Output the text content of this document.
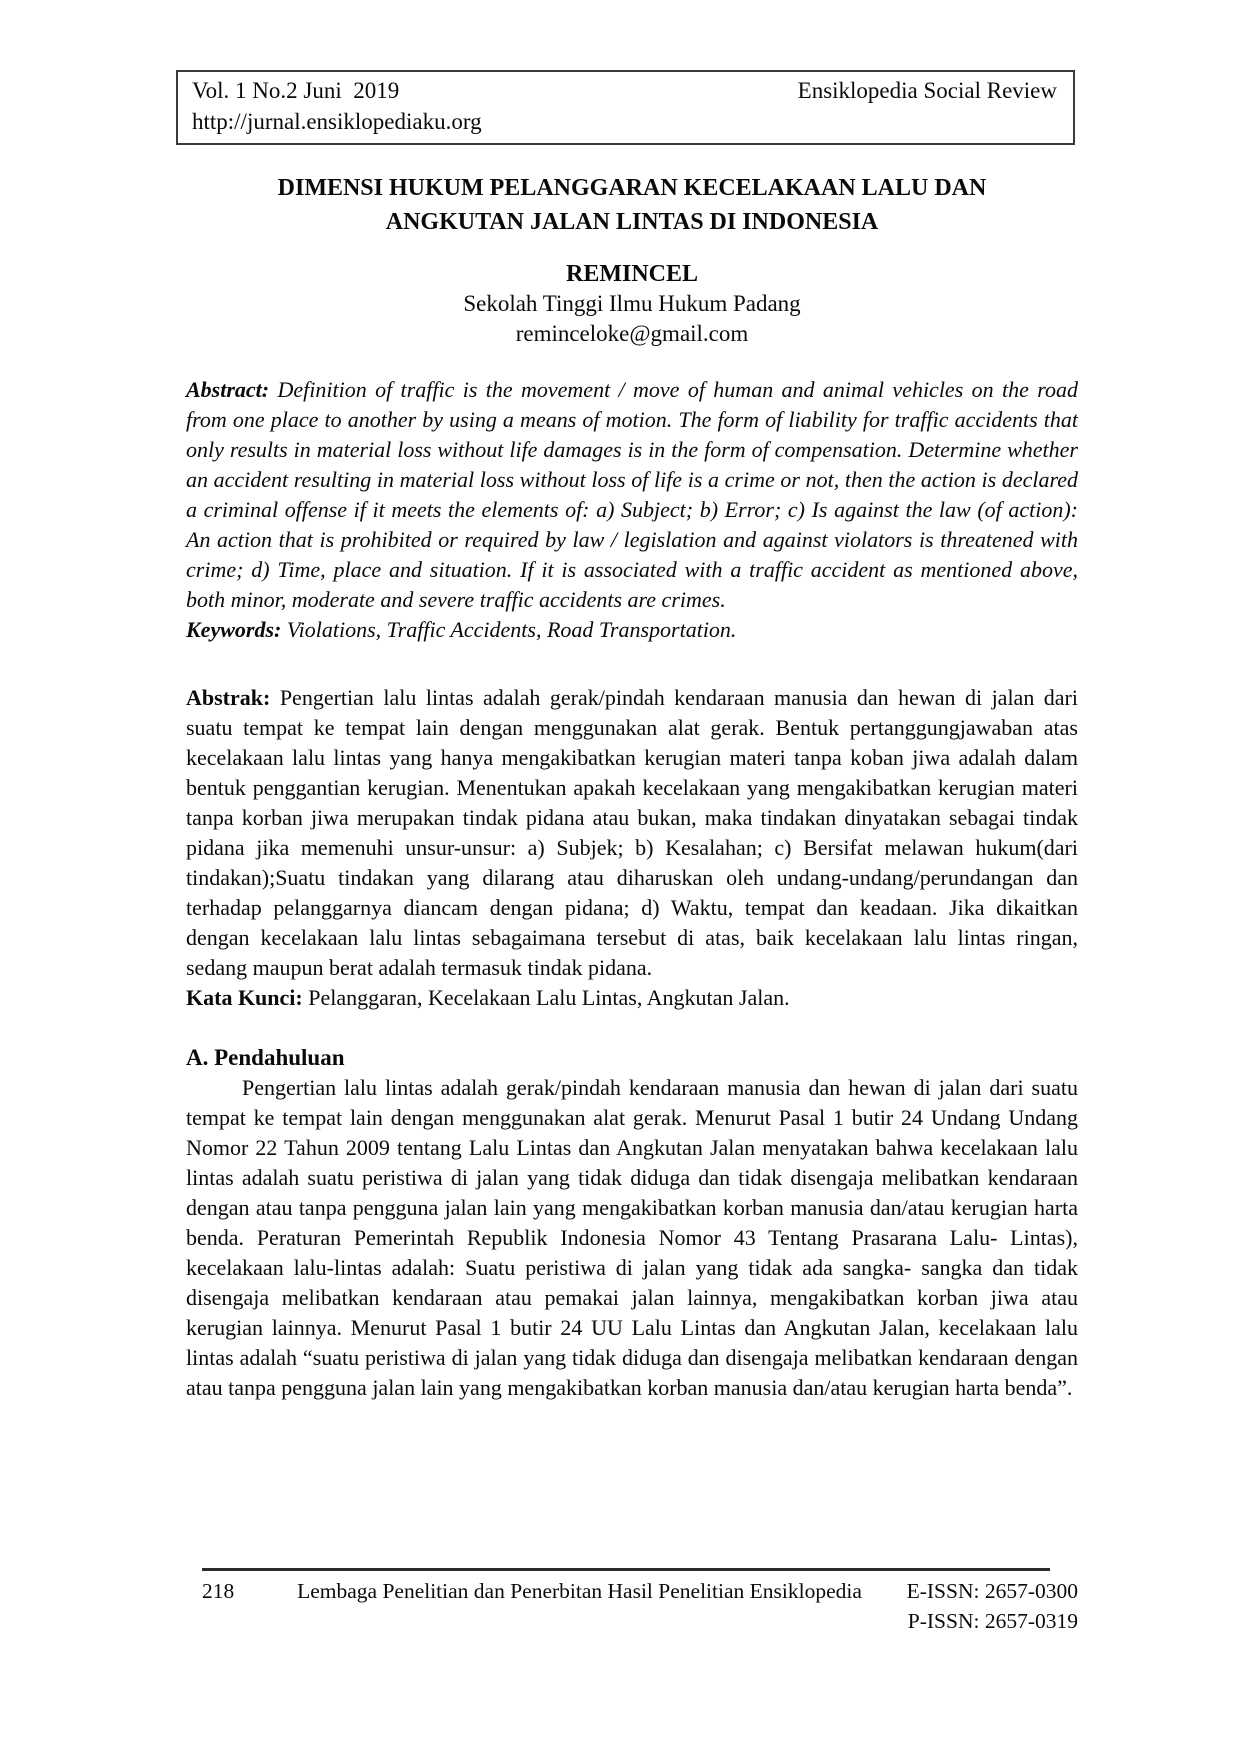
Vol. 1 No.2 Juni  2019	Ensiklopedia Social Review
http://jurnal.ensiklopediaku.org
DIMENSI HUKUM PELANGGARAN KECELAKAAN LALU DAN
ANGKUTAN JALAN LINTAS DI INDONESIA
REMINCEL
Sekolah Tinggi Ilmu Hukum Padang
reminceloke@gmail.com

Abstract: Definition of traffic is the movement / move of human and animal vehicles on the road from one place to another by using a means of motion. The form of liability for traffic accidents that only results in material loss without life damages is in the form of compensation. Determine whether an accident resulting in material loss without loss of life is a crime or not, then the action is declared a criminal offense if it meets the elements of: a) Subject; b) Error; c) Is against the law (of action): An action that is prohibited or required by law / legislation and against violators is threatened with crime; d) Time, place and situation. If it is associated with a traffic accident as mentioned above, both minor, moderate and severe traffic accidents are crimes.

Keywords: Violations, Traffic Accidents, Road Transportation.

Abstrak: Pengertian lalu lintas adalah gerak/pindah kendaraan manusia dan hewan di jalan dari suatu tempat ke tempat lain dengan menggunakan alat gerak. Bentuk pertanggungjawaban atas kecelakaan lalu lintas yang hanya mengakibatkan kerugian materi tanpa koban jiwa adalah dalam bentuk penggantian kerugian. Menentukan apakah kecelakaan yang mengakibatkan kerugian materi tanpa korban jiwa merupakan tindak pidana atau bukan, maka tindakan dinyatakan sebagai tindak pidana jika memenuhi unsur-unsur: a) Subjek; b) Kesalahan; c) Bersifat melawan hukum(dari tindakan);Suatu tindakan yang dilarang atau diharuskan oleh undang-undang/perundangan dan terhadap pelanggarnya diancam dengan pidana; d) Waktu, tempat dan keadaan. Jika dikaitkan dengan kecelakaan lalu lintas sebagaimana tersebut di atas, baik kecelakaan lalu lintas ringan, sedang maupun berat adalah termasuk tindak pidana.

Kata Kunci: Pelanggaran, Kecelakaan Lalu Lintas, Angkutan Jalan.

A. Pendahuluan

Pengertian lalu lintas adalah gerak/pindah kendaraan manusia dan hewan di jalan dari suatu tempat ke tempat lain dengan menggunakan alat gerak. Menurut Pasal 1 butir 24 Undang Undang Nomor 22 Tahun 2009 tentang Lalu Lintas dan Angkutan Jalan menyatakan bahwa kecelakaan lalu lintas adalah suatu peristiwa di jalan yang tidak diduga dan tidak disengaja melibatkan kendaraan dengan atau tanpa pengguna jalan lain yang mengakibatkan korban manusia dan/atau kerugian harta benda. Peraturan Pemerintah Republik Indonesia Nomor 43 Tentang Prasarana Lalu- Lintas), kecelakaan lalu-lintas adalah: Suatu peristiwa di jalan yang tidak ada sangka- sangka dan tidak disengaja melibatkan kendaraan atau pemakai jalan lainnya, mengakibatkan korban jiwa atau kerugian lainnya. Menurut Pasal 1 butir 24 UU Lalu Lintas dan Angkutan Jalan, kecelakaan lalu lintas adalah “suatu peristiwa di jalan yang tidak diduga dan disengaja melibatkan kendaraan dengan atau tanpa pengguna jalan lain yang mengakibatkan korban manusia dan/atau kerugian harta benda”.

218	Lembaga Penelitian dan Penerbitan Hasil Penelitian Ensiklopedia	E-ISSN: 2657-0300
P-ISSN: 2657-0319
